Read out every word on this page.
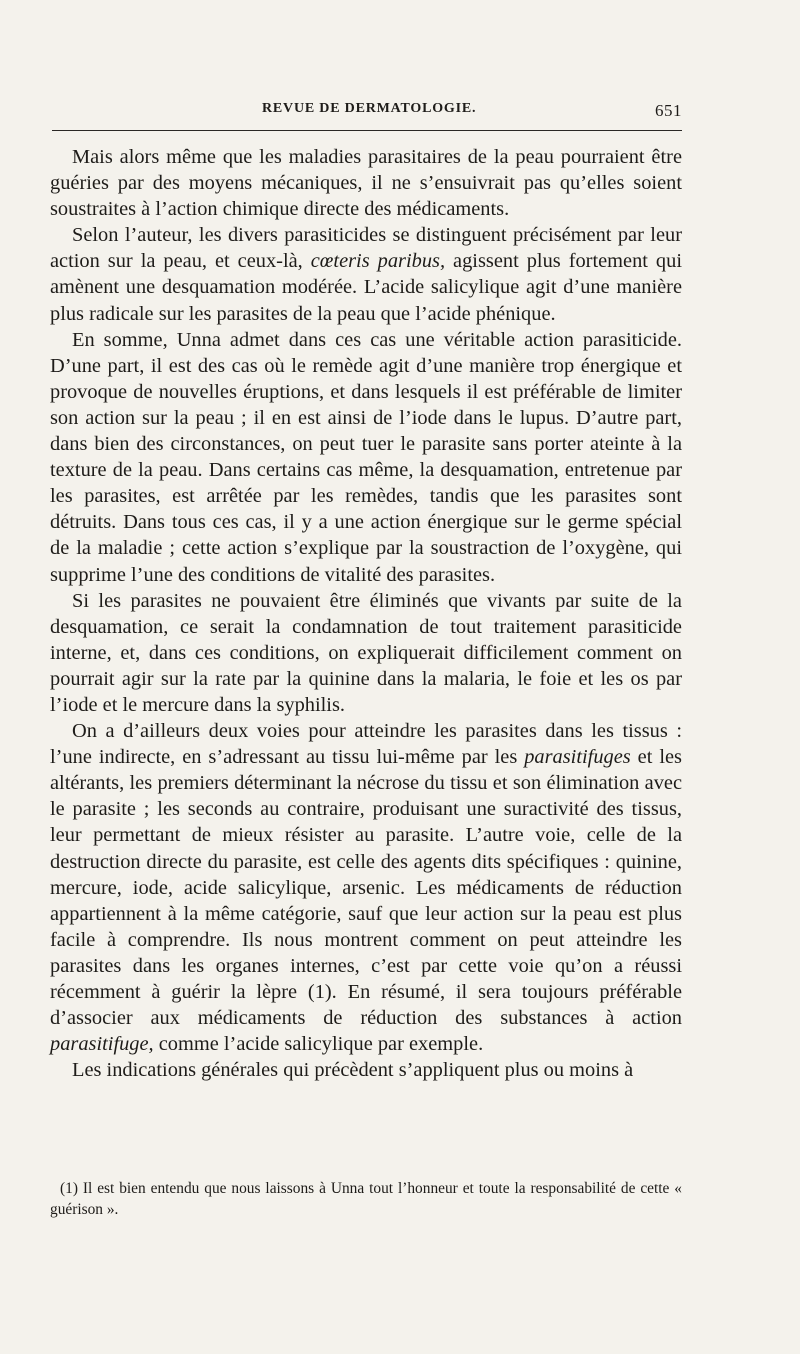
REVUE DE DERMATOLOGIE.	651

Mais alors même que les maladies parasitaires de la peau pourraient être guéries par des moyens mécaniques, il ne s’ensuivrait pas qu’elles soient soustraites à l’action chimique directe des médicaments.

Selon l’auteur, les divers parasiticides se distinguent précisément par leur action sur la peau, et ceux-là, cœteris paribus, agissent plus fortement qui amènent une desquamation modérée. L’acide salicylique agit d’une manière plus radicale sur les parasites de la peau que l’acide phénique.

En somme, Unna admet dans ces cas une véritable action parasiticide. D’une part, il est des cas où le remède agit d’une manière trop énergique et provoque de nouvelles éruptions, et dans lesquels il est préférable de limiter son action sur la peau ; il en est ainsi de l’iode dans le lupus. D’autre part, dans bien des circonstances, on peut tuer le parasite sans porter ateinte à la texture de la peau. Dans certains cas même, la desquamation, entretenue par les parasites, est arrêtée par les remèdes, tandis que les parasites sont détruits. Dans tous ces cas, il y a une action énergique sur le germe spécial de la maladie ; cette action s’explique par la soustraction de l’oxygène, qui supprime l’une des conditions de vitalité des parasites.

Si les parasites ne pouvaient être éliminés que vivants par suite de la desquamation, ce serait la condamnation de tout traitement parasiticide interne, et, dans ces conditions, on expliquerait difficilement comment on pourrait agir sur la rate par la quinine dans la malaria, le foie et les os par l’iode et le mercure dans la syphilis.

On a d’ailleurs deux voies pour atteindre les parasites dans les tissus : l’une indirecte, en s’adressant au tissu lui-même par les parasitifuges et les altérants, les premiers déterminant la nécrose du tissu et son élimination avec le parasite ; les seconds au contraire, produisant une suractivité des tissus, leur permettant de mieux résister au parasite. L’autre voie, celle de la destruction directe du parasite, est celle des agents dits spécifiques : quinine, mercure, iode, acide salicylique, arsenic. Les médicaments de réduction appartiennent à la même catégorie, sauf que leur action sur la peau est plus facile à comprendre. Ils nous montrent comment on peut atteindre les parasites dans les organes internes, c’est par cette voie qu’on a réussi récemment à guérir la lèpre (1). En résumé, il sera toujours préférable d’associer aux médicaments de réduction des substances à action parasitifuge, comme l’acide salicylique par exemple.

Les indications générales qui précèdent s’appliquent plus ou moins à

(1) Il est bien entendu que nous laissons à Unna tout l’honneur et toute la responsabilité de cette « guérison ».
